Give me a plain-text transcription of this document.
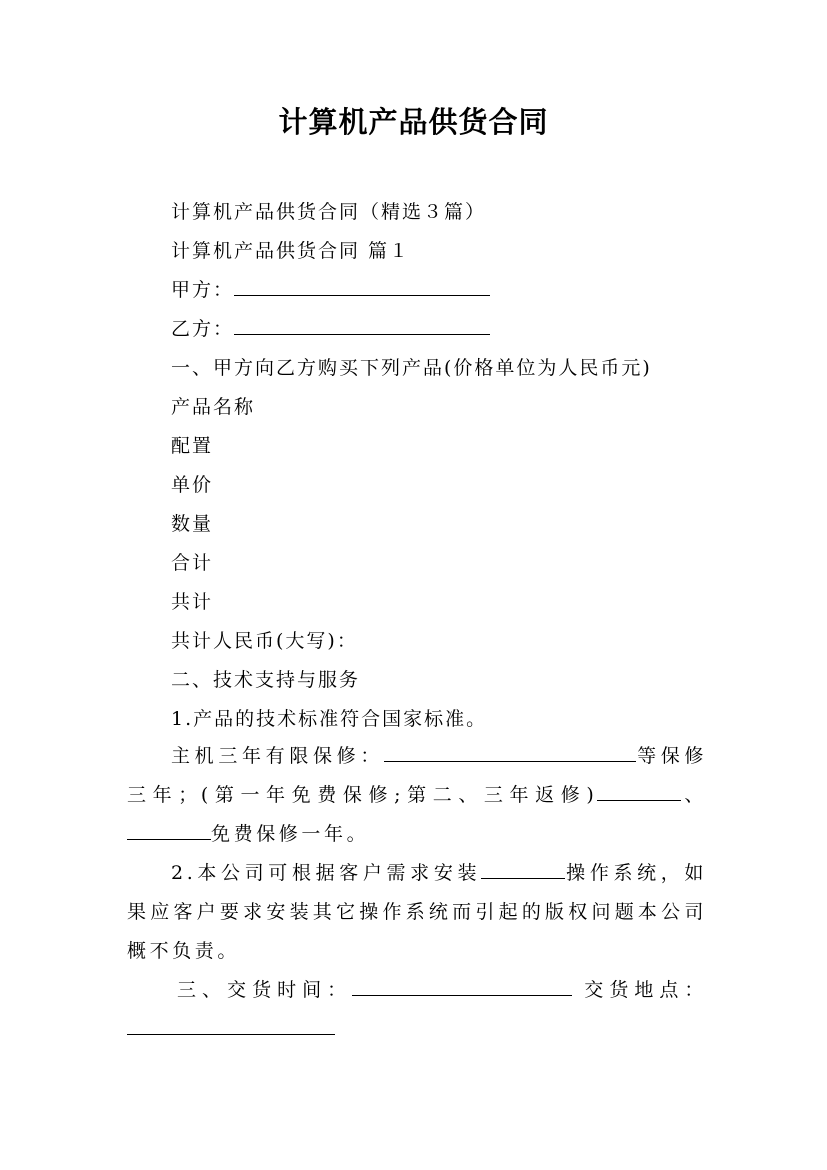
计算机产品供货合同
计算机产品供货合同（精选３篇）
计算机产品供货合同 篇１
甲方：
乙方：
一、甲方向乙方购买下列产品(价格单位为人民币元)
产品名称
配置
单价
数量
合计
共计
共计人民币(大写)：
二、技术支持与服务
1.产品的技术标准符合国家标准。
主机三年有限保修：	等保修三年；(第一年免费保修;第二、三年返修)	、免费保修一年。
2.本公司可根据客户需求安装	操作系统，如果应客户要求安装其它操作系统而引起的版权问题本公司概不负责。
三、交货时间：	交货地点：
